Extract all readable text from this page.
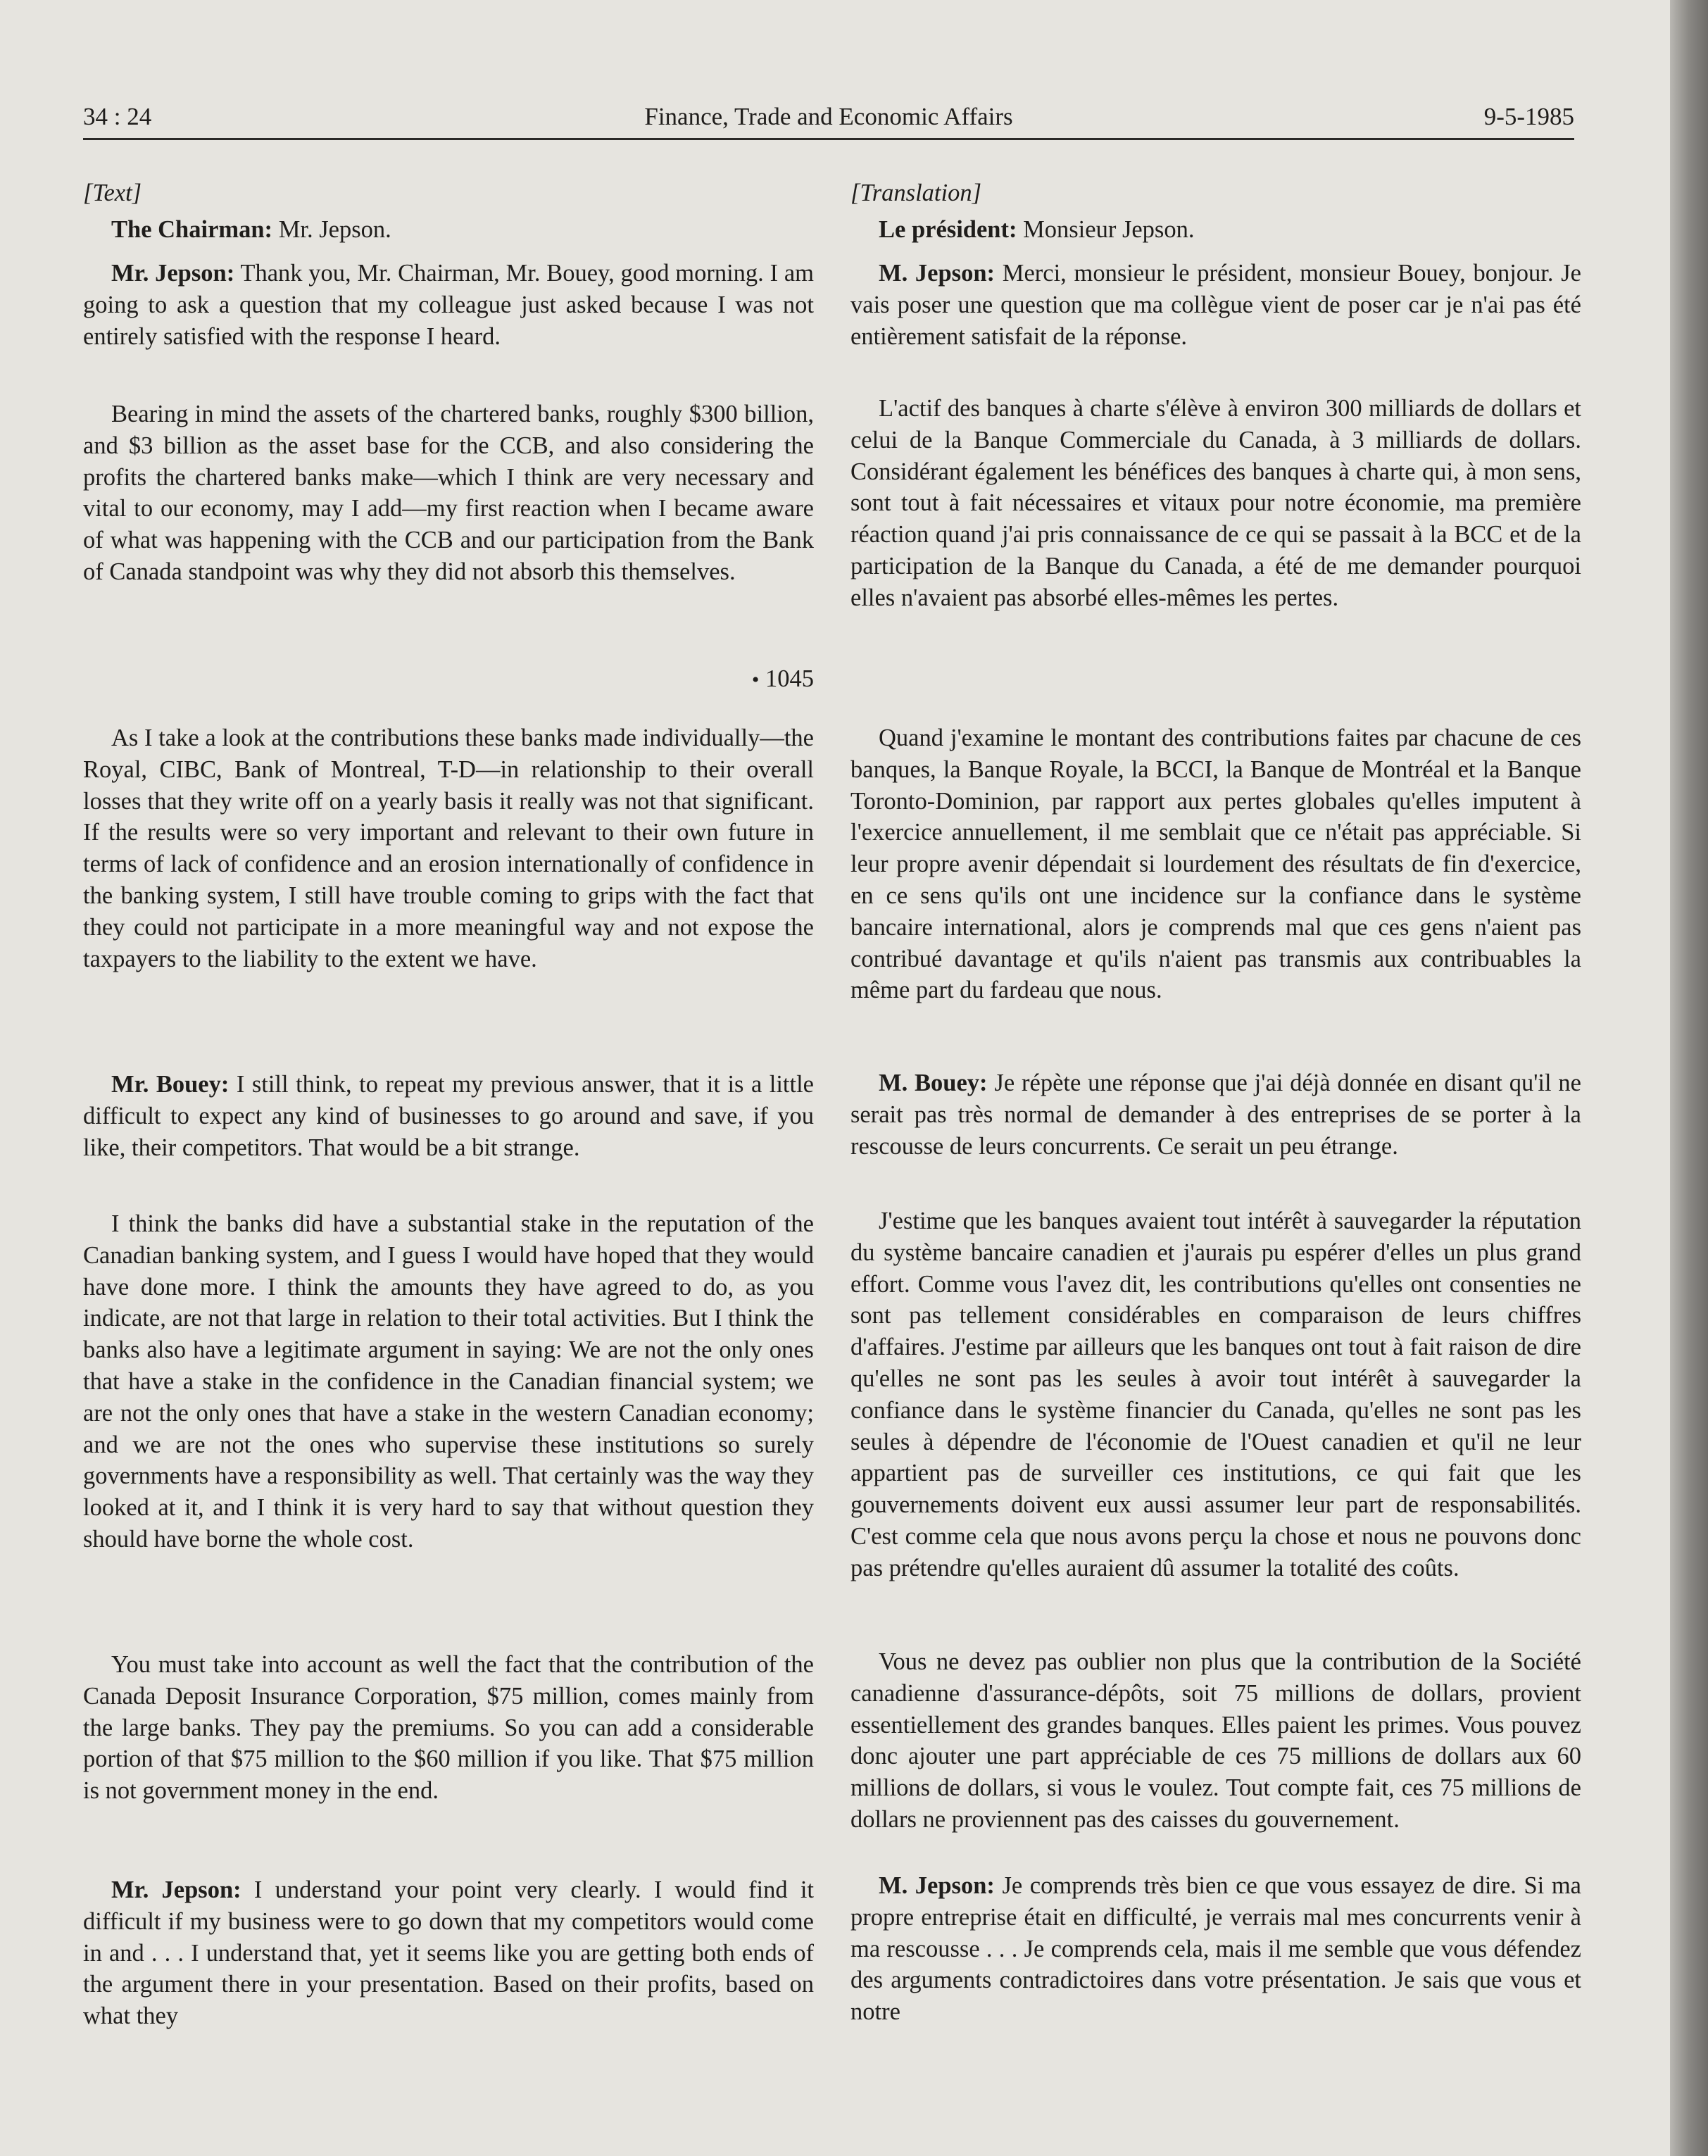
34 : 24	Finance, Trade and Economic Affairs	9-5-1985

[Text]

The Chairman: Mr. Jepson.

Mr. Jepson: Thank you, Mr. Chairman, Mr. Bouey, good morning. I am going to ask a question that my colleague just asked because I was not entirely satisfied with the response I heard.

Bearing in mind the assets of the chartered banks, roughly $300 billion, and $3 billion as the asset base for the CCB, and also considering the profits the chartered banks make—which I think are very necessary and vital to our economy, may I add—my first reaction when I became aware of what was happening with the CCB and our participation from the Bank of Canada standpoint was why they did not absorb this themselves.

• 1045

As I take a look at the contributions these banks made individually—the Royal, CIBC, Bank of Montreal, T-D—in relationship to their overall losses that they write off on a yearly basis it really was not that significant. If the results were so very important and relevant to their own future in terms of lack of confidence and an erosion internationally of confidence in the banking system, I still have trouble coming to grips with the fact that they could not participate in a more meaningful way and not expose the taxpayers to the liability to the extent we have.

Mr. Bouey: I still think, to repeat my previous answer, that it is a little difficult to expect any kind of businesses to go around and save, if you like, their competitors. That would be a bit strange.

I think the banks did have a substantial stake in the reputation of the Canadian banking system, and I guess I would have hoped that they would have done more. I think the amounts they have agreed to do, as you indicate, are not that large in relation to their total activities. But I think the banks also have a legitimate argument in saying: We are not the only ones that have a stake in the confidence in the Canadian financial system; we are not the only ones that have a stake in the western Canadian economy; and we are not the ones who supervise these institutions so surely governments have a responsibility as well. That certainly was the way they looked at it, and I think it is very hard to say that without question they should have borne the whole cost.

You must take into account as well the fact that the contribution of the Canada Deposit Insurance Corporation, $75 million, comes mainly from the large banks. They pay the premiums. So you can add a considerable portion of that $75 million to the $60 million if you like. That $75 million is not government money in the end.

Mr. Jepson: I understand your point very clearly. I would find it difficult if my business were to go down that my competitors would come in and . . . I understand that, yet it seems like you are getting both ends of the argument there in your presentation. Based on their profits, based on what they

[Translation]

Le président: Monsieur Jepson.

M. Jepson: Merci, monsieur le président, monsieur Bouey, bonjour. Je vais poser une question que ma collègue vient de poser car je n'ai pas été entièrement satisfait de la réponse.

L'actif des banques à charte s'élève à environ 300 milliards de dollars et celui de la Banque Commerciale du Canada, à 3 milliards de dollars. Considérant également les bénéfices des banques à charte qui, à mon sens, sont tout à fait nécessaires et vitaux pour notre économie, ma première réaction quand j'ai pris connaissance de ce qui se passait à la BCC et de la participation de la Banque du Canada, a été de me demander pourquoi elles n'avaient pas absorbé elles-mêmes les pertes.

Quand j'examine le montant des contributions faites par chacune de ces banques, la Banque Royale, la BCCI, la Banque de Montréal et la Banque Toronto-Dominion, par rapport aux pertes globales qu'elles imputent à l'exercice annuellement, il me semblait que ce n'était pas appréciable. Si leur propre avenir dépendait si lourdement des résultats de fin d'exercice, en ce sens qu'ils ont une incidence sur la confiance dans le système bancaire international, alors je comprends mal que ces gens n'aient pas contribué davantage et qu'ils n'aient pas transmis aux contribuables la même part du fardeau que nous.

M. Bouey: Je répète une réponse que j'ai déjà donnée en disant qu'il ne serait pas très normal de demander à des entreprises de se porter à la rescousse de leurs concurrents. Ce serait un peu étrange.

J'estime que les banques avaient tout intérêt à sauvegarder la réputation du système bancaire canadien et j'aurais pu espérer d'elles un plus grand effort. Comme vous l'avez dit, les contributions qu'elles ont consenties ne sont pas tellement considérables en comparaison de leurs chiffres d'affaires. J'estime par ailleurs que les banques ont tout à fait raison de dire qu'elles ne sont pas les seules à avoir tout intérêt à sauvegarder la confiance dans le système financier du Canada, qu'elles ne sont pas les seules à dépendre de l'économie de l'Ouest canadien et qu'il ne leur appartient pas de surveiller ces institutions, ce qui fait que les gouvernements doivent eux aussi assumer leur part de responsabilités. C'est comme cela que nous avons perçu la chose et nous ne pouvons donc pas prétendre qu'elles auraient dû assumer la totalité des coûts.

Vous ne devez pas oublier non plus que la contribution de la Société canadienne d'assurance-dépôts, soit 75 millions de dollars, provient essentiellement des grandes banques. Elles paient les primes. Vous pouvez donc ajouter une part appréciable de ces 75 millions de dollars aux 60 millions de dollars, si vous le voulez. Tout compte fait, ces 75 millions de dollars ne proviennent pas des caisses du gouvernement.

M. Jepson: Je comprends très bien ce que vous essayez de dire. Si ma propre entreprise était en difficulté, je verrais mal mes concurrents venir à ma rescousse . . . Je comprends cela, mais il me semble que vous défendez des arguments contradictoires dans votre présentation. Je sais que vous et notre
